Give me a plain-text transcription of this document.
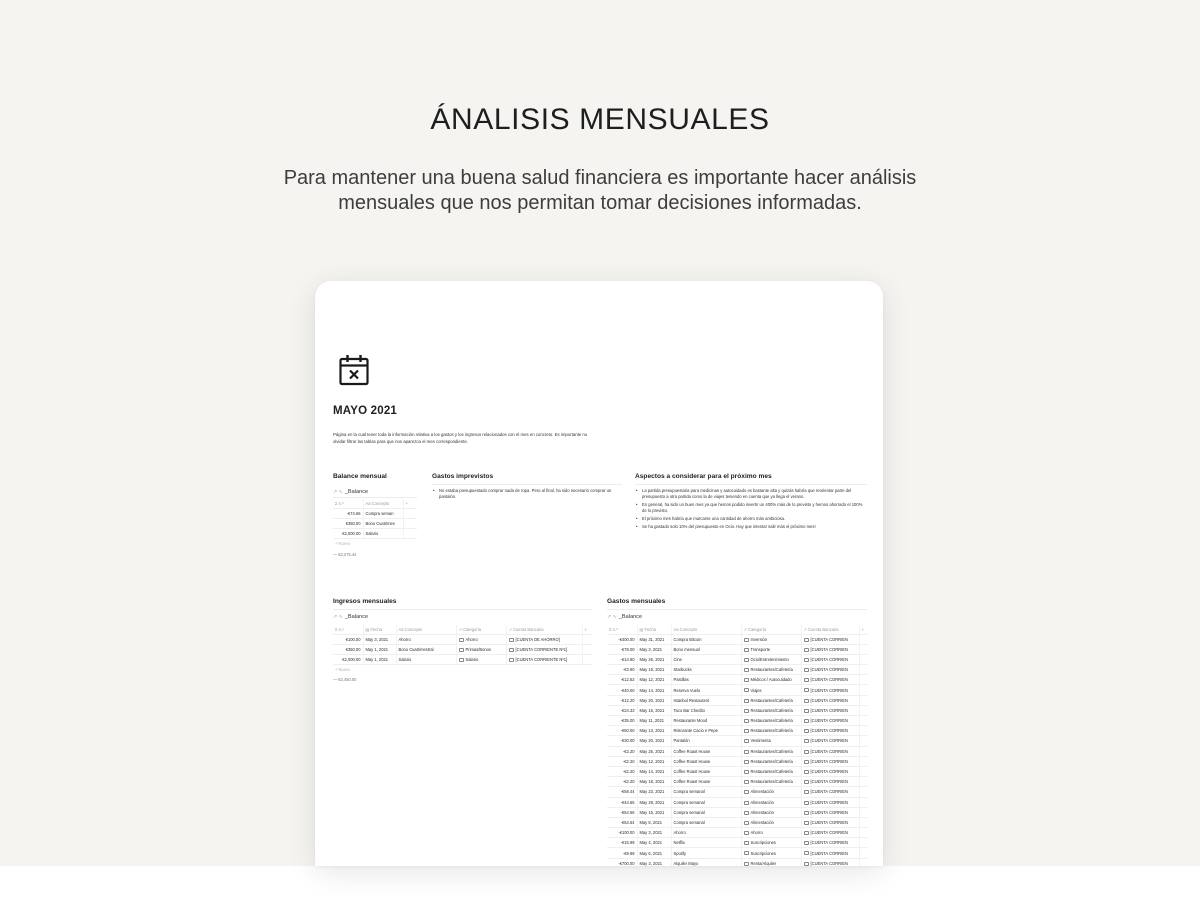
ÁNALISIS MENSUALES
Para mantener una buena salud financiera es importante hacer análisis
mensuales que nos permitan tomar decisiones informadas.
MAYO 2021
Página en la cual tener toda la información relativa a los gastos y los ingresos relacionados con el mes en concreto. Es importante no olvidar filtrar las tablas para que nos aparezca el mes correspondiente.
Balance mensual
↗ ∿ _Balance
Σ n.º	Aa Concepto	+
-€74.66	Compra seman	
€350.00	Bono Cuatrimes	
€2,000.00	Salario	
+ Nuevo		
— €2,275.44
Gastos imprevistos
• No estaba presupuestado comprar nada de ropa. Pero al final, ha sido necesario comprar un pantalón.
Aspectos a considerar para el próximo mes
• La partida presupuestaria para medicinas y autocuidado es bastante alta y quizás habría que reorientar parte del presupuesto a otra partida como la de viajes teniendo en cuenta que ya llega el verano.
• En general, ha sido un buen mes ya que hemos podido invertir un 400% más de lo previsto y hemos ahorrado el 100% de lo previsto.
• El próximo mes habría que marcarse una cantidad de ahorro más ambiciosa.
• Se ha gastado solo 10% del presupuesto en Ocio. Hay que intentar salir más el próximo mes!
Ingresos mensuales
↗ ∿ _Balance
Σ n.º	▤ Fecha	Aa Concepto	↗ Categoría	↗ Cuenta Bancaria	+
€100.00	May 3, 2021	Ahorro	Ahorro	[CUENTA DE AHORRO]	
€350.00	May 1, 2021	Bono Cuatrimestral	Primas/Bonos	[CUENTA CORRIENTE Nº1]	
€2,000.00	May 1, 2021	Salario	Salario	[CUENTA CORRIENTE Nº1]	
+ Nuevo					
— €2,450.00
Gastos mensuales
↗ ∿ _Balance
Σ n.º	▤ Fecha	Aa Concepto	↗ Categoría	↗ Cuenta Bancaria	+
-€400.00	May 31, 2021	Compra Bitcoin	Inversión	[CUENTA CORRIEN	
-€78.00	May 3, 2021	Bono mensual	Transporte	[CUENTA CORRIEN	
-€14.80	May 26, 2021	Cine	Ocio/Entretenimiento	[CUENTA CORRIEN	
-€3.90	May 19, 2021	Starbucks	Restaurantes/Cafetería	[CUENTA CORRIEN	
-€12.52	May 12, 2021	Pastillas	Médicos / Autocuidado	[CUENTA CORRIEN	
-€40.00	May 14, 2021	Reserva Vuelo	Viajes	[CUENTA CORRIEN	
-€12.20	May 20, 2021	Istanbul Restaurant	Restaurantes/Cafetería	[CUENTA CORRIEN	
-€24.33	May 15, 2021	Taco Bar Chedito	Restaurantes/Cafetería	[CUENTA CORRIEN	
-€35.00	May 11, 2021	Restaurante Mood	Restaurantes/Cafetería	[CUENTA CORRIEN	
-€50.00	May 13, 2021	Ristorante Cacio e Pepe	Restaurantes/Cafetería	[CUENTA CORRIEN	
-€30.00	May 20, 2021	Pantalón	Vestimenta	[CUENTA CORRIEN	
-€2.20	May 25, 2021	Coffee Roast House	Restaurantes/Cafetería	[CUENTA CORRIEN	
-€2.20	May 12, 2021	Coffee Roast House	Restaurantes/Cafetería	[CUENTA CORRIEN	
-€2.20	May 14, 2021	Coffee Roast House	Restaurantes/Cafetería	[CUENTA CORRIEN	
-€2.20	May 18, 2021	Coffee Roast House	Restaurantes/Cafetería	[CUENTA CORRIEN	
-€58.44	May 23, 2021	Compra semanal	Alimentación	[CUENTA CORRIEN	
-€44.65	May 29, 2021	Compra semanal	Alimentación	[CUENTA CORRIEN	
-€54.56	May 15, 2021	Compra semanal	Alimentación	[CUENTA CORRIEN	
-€54.54	May 8, 2021	Compra semanal	Alimentación	[CUENTA CORRIEN	
-€100.00	May 3, 2021	Ahorro	Ahorro	[CUENTA CORRIEN	
-€15.99	May 4, 2021	Netflix	Suscripciones	[CUENTA CORRIEN	
-€9.99	May 6, 2021	Spotify	Suscripciones	[CUENTA CORRIEN	
-€700.00	May 3, 2021	Alquiler Mayo	Renta/Alquiler	[CUENTA CORRIEN	
